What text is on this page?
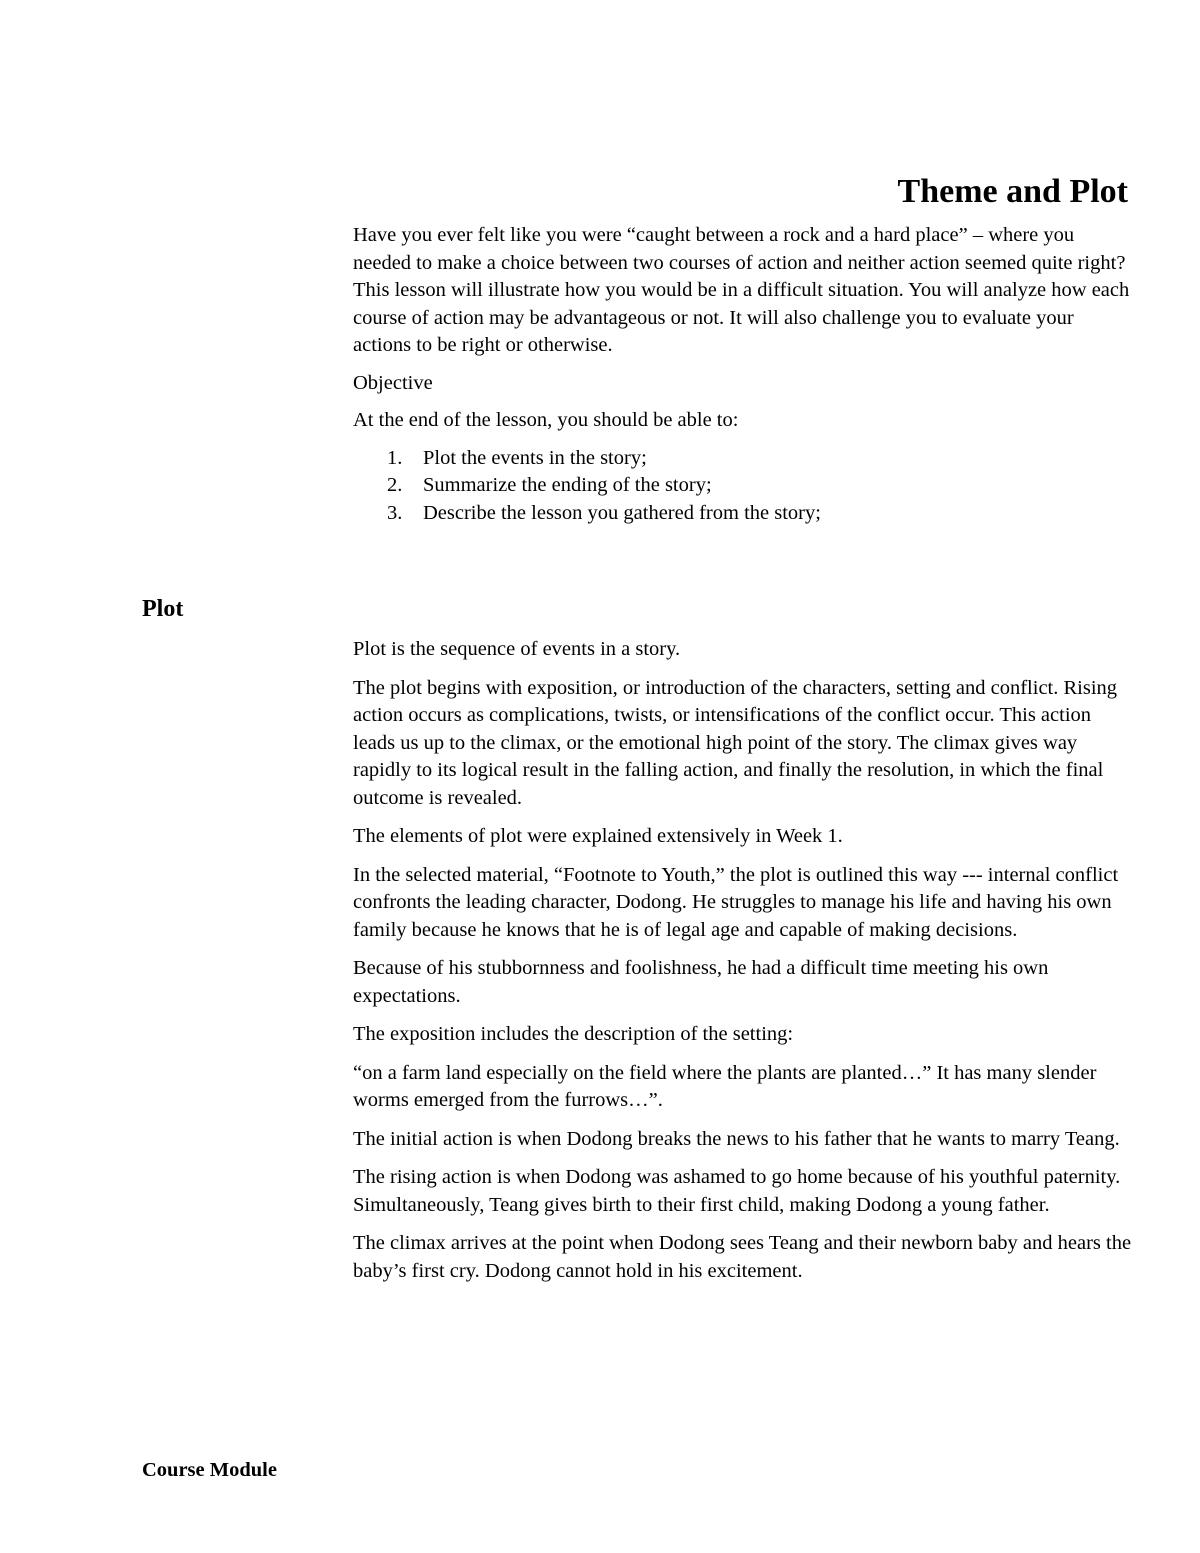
Theme and Plot

Have you ever felt like you were “caught between a rock and a hard place” – where you needed to make a choice between two courses of action and neither action seemed quite right? This lesson will illustrate how you would be in a difficult situation. You will analyze how each course of action may be advantageous or not. It will also challenge you to evaluate your actions to be right or otherwise.

Objective

At the end of the lesson, you should be able to:

1.	Plot the events in the story;
2.	Summarize the ending of the story;
3.	Describe the lesson you gathered from the story;
Plot

Plot is the sequence of events in a story.

The plot begins with exposition, or introduction of the characters, setting and conflict. Rising action occurs as complications, twists, or intensifications of the conflict occur. This action leads us up to the climax, or the emotional high point of the story. The climax gives way rapidly to its logical result in the falling action, and finally the resolution, in which the final outcome is revealed.

The elements of plot were explained extensively in Week 1.

In the selected material, “Footnote to Youth,” the plot is outlined this way --- internal conflict confronts the leading character, Dodong. He struggles to manage his life and having his own family because he knows that he is of legal age and capable of making decisions.

Because of his stubbornness and foolishness, he had a difficult time meeting his own expectations.

The exposition includes the description of the setting:

“on a farm land especially on the field where the plants are planted…” It has many slender worms emerged from the furrows…”.

The initial action is when Dodong breaks the news to his father that he wants to marry Teang.

The rising action is when Dodong was ashamed to go home because of his youthful paternity. Simultaneously, Teang gives birth to their first child, making Dodong a young father.

The climax arrives at the point when Dodong sees Teang and their newborn baby and hears the baby’s first cry. Dodong cannot hold in his excitement.

Course Module
